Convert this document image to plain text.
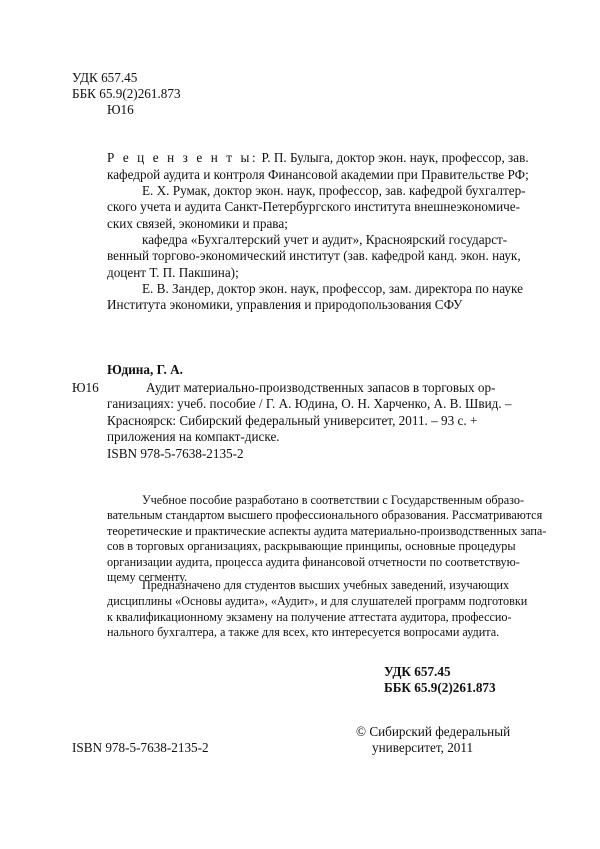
УДК 657.45
ББК 65.9(2)261.873
Ю16
Р е ц е н з е н т ы: Р. П. Булыга, доктор экон. наук, профессор, зав.
кафедрой аудита и контроля Финансовой академии при Правительстве РФ;
Е. Х. Румак, доктор экон. наук, профессор, зав. кафедрой бухгалтер-
ского учета и аудита Санкт-Петербургского института внешнеэкономиче-
ских связей, экономики и права;
кафедра «Бухгалтерский учет и аудит», Красноярский государст-
венный торгово-экономический институт (зав. кафедрой канд. экон. наук,
доцент Т. П. Пакшина);
Е. В. Зандер, доктор экон. наук, профессор, зам. директора по науке
Института экономики, управления и природопользования СФУ
Юдина, Г. А.
Ю16	Аудит материально-производственных запасов в торговых ор-
ганизациях: учеб. пособие / Г. А. Юдина, О. Н. Харченко, А. В. Швид. –
Красноярск: Сибирский федеральный университет, 2011. – 93 с. +
приложения на компакт-диске.
ISBN 978-5-7638-2135-2
Учебное пособие разработано в соответствии с Государственным образо-
вательным стандартом высшего профессионального образования. Рассматриваются
теоретические и практические аспекты аудита материально-производственных запа-
сов в торговых организациях, раскрывающие принципы, основные процедуры
организации аудита, процесса аудита финансовой отчетности по соответствую-
щему сегменту.
Предназначено для студентов высших учебных заведений, изучающих
дисциплины «Основы аудита», «Аудит», и для слушателей программ подготовки
к квалификационному экзамену на получение аттестата аудитора, профессио-
нального бухгалтера, а также для всех, кто интересуется вопросами аудита.
УДК 657.45
ББК 65.9(2)261.873
ISBN 978-5-7638-2135-2
© Сибирский федеральный
университет, 2011
